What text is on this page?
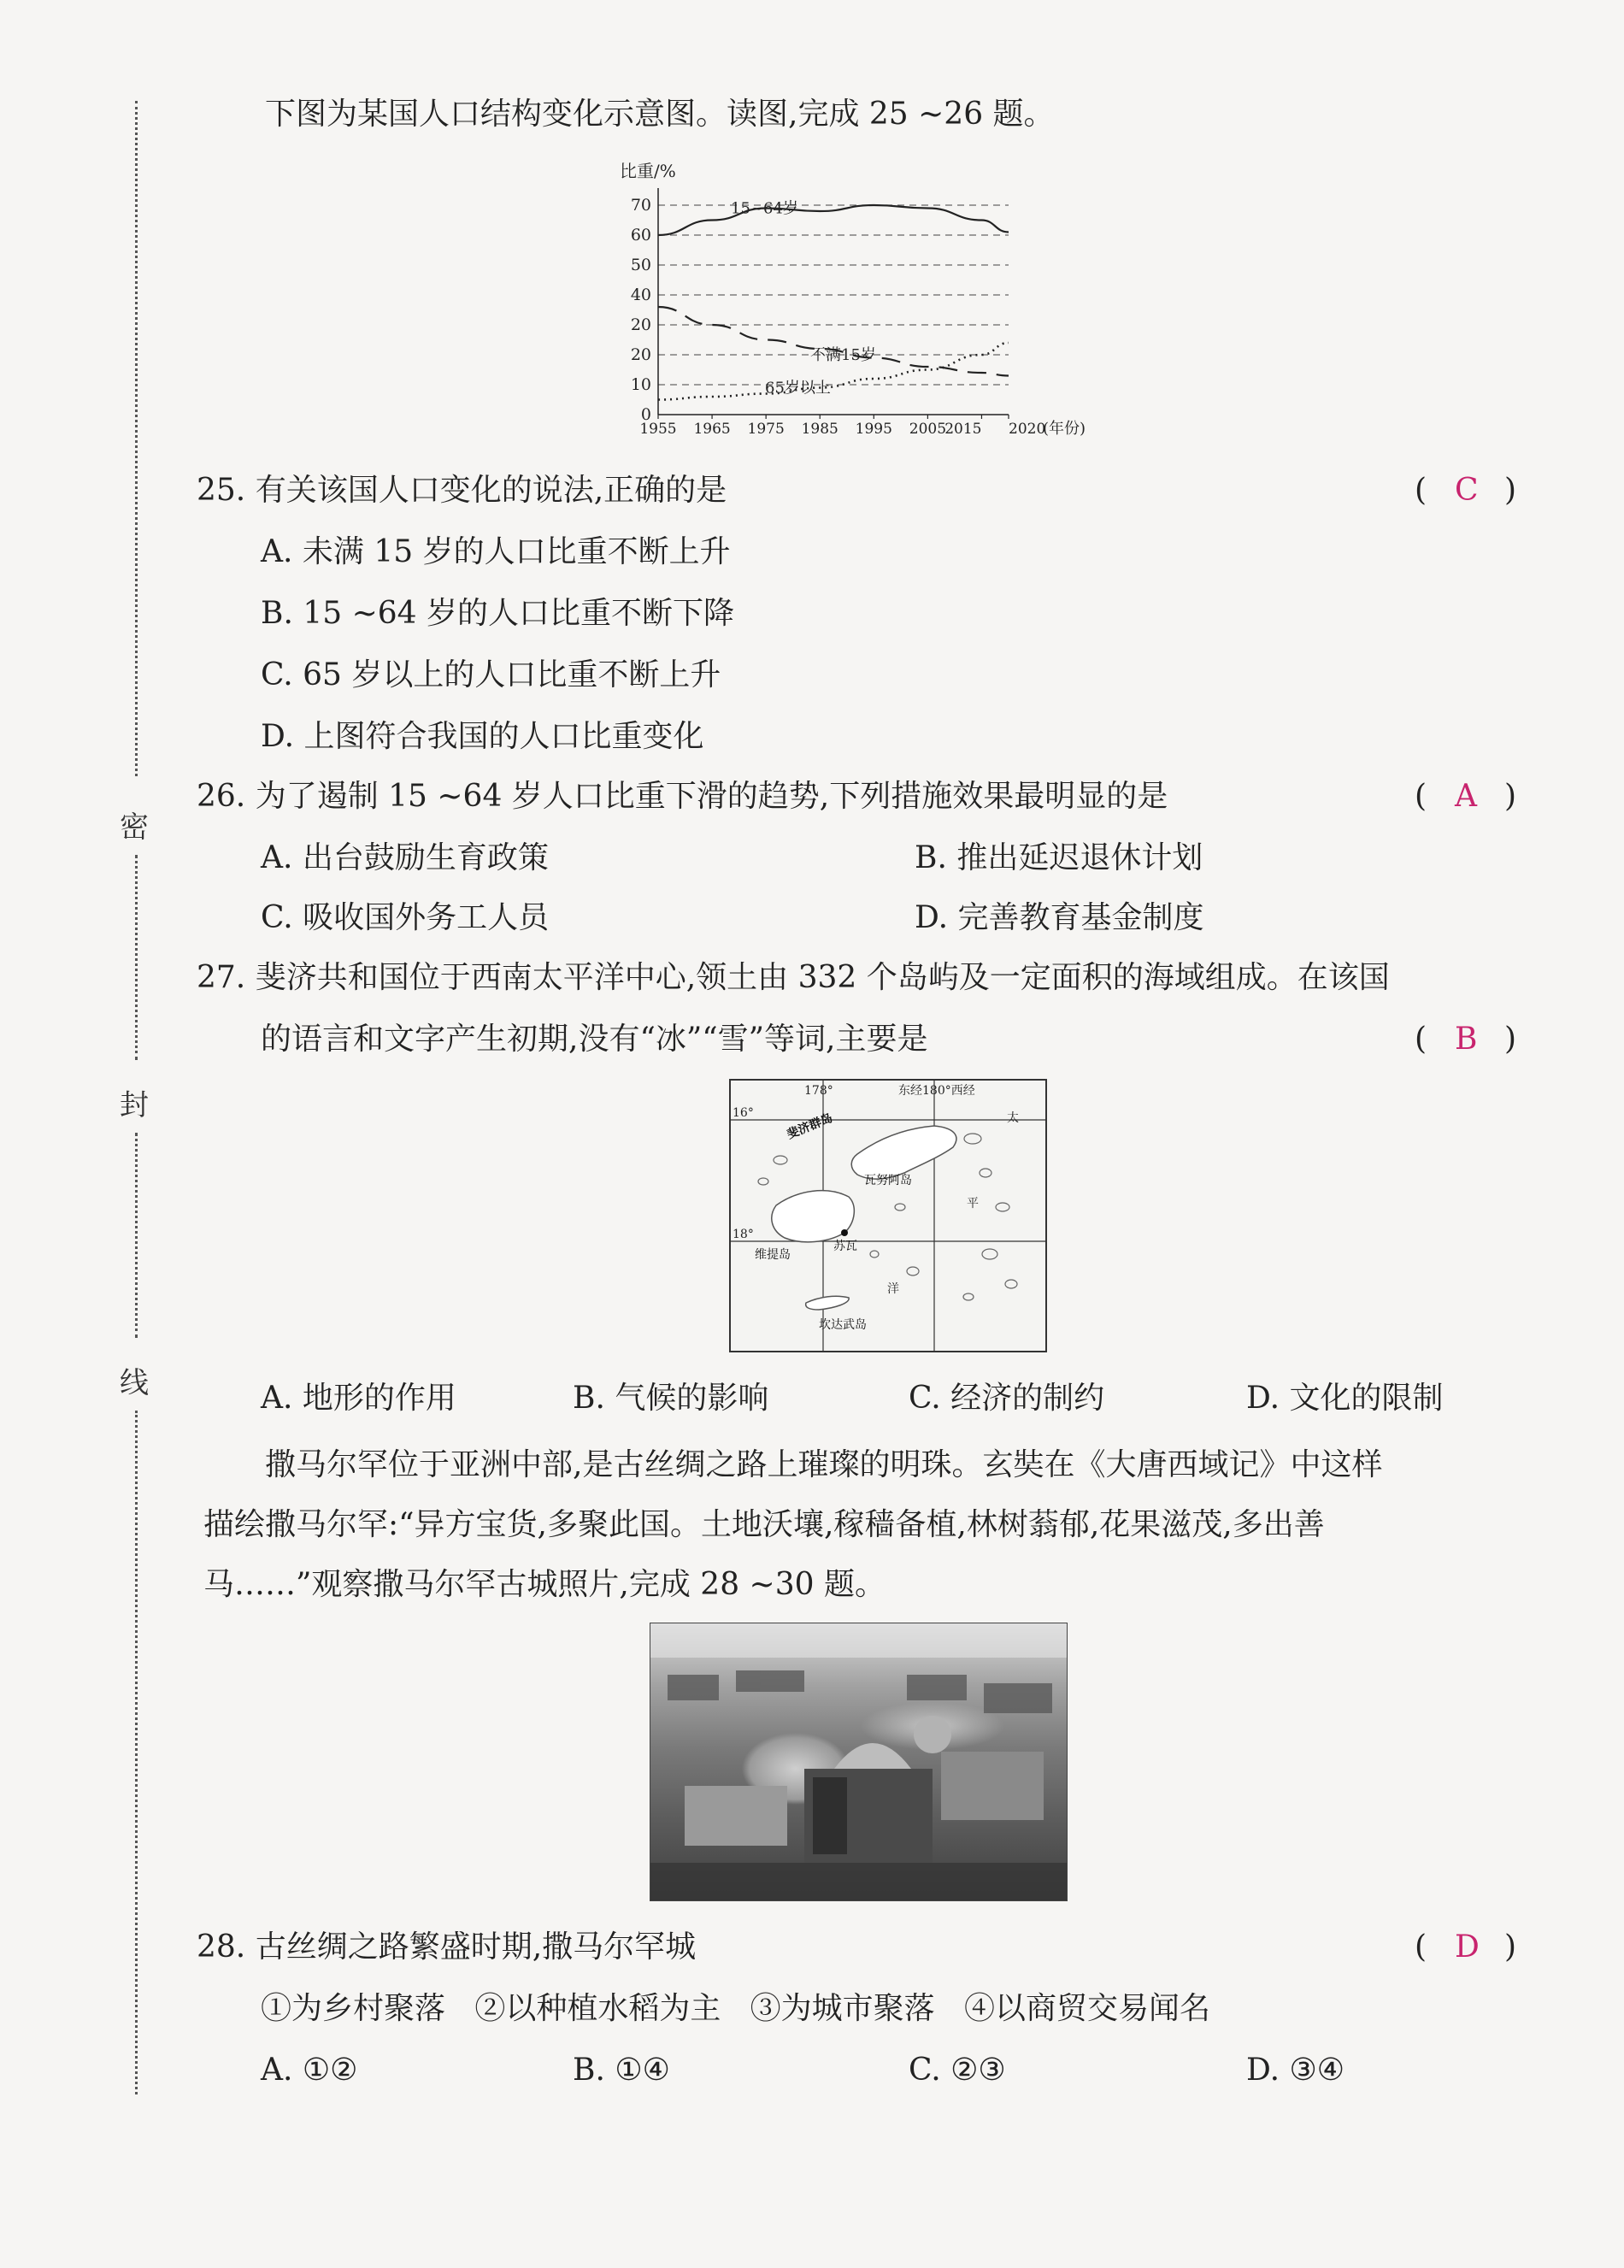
密
封
线
下图为某国人口结构变化示意图。读图,完成 25 ~26 题。
比重/%
0
10
20
20
40
50
60
70
1955 1965 1975 1985 1995 2005
2015 2020
15~64岁
不满15岁
65岁以上
(年份)
25. 有关该国人口变化的说法,正确的是	( C )
A. 未满 15 岁的人口比重不断上升
B. 15 ~64 岁的人口比重不断下降
C. 65 岁以上的人口比重不断上升
D. 上图符合我国的人口比重变化
26. 为了遏制 15 ~64 岁人口比重下滑的趋势,下列措施效果最明显的是	( A )
A. 出台鼓励生育政策	B. 推出延迟退休计划
C. 吸收国外务工人员	D. 完善教育基金制度
27. 斐济共和国位于西南太平洋中心,领土由 332 个岛屿及一定面积的海域组成。在该国
的语言和文字产生初期,没有“冰”“雪”等词,主要是	( B )
178°	东经180°西经
16°
18°
斐济群岛
瓦努阿岛
维提岛
苏瓦
坎达武岛
太
平
洋
A. 地形的作用	B. 气候的影响	C. 经济的制约	D. 文化的限制
撒马尔罕位于亚洲中部,是古丝绸之路上璀璨的明珠。玄奘在《大唐西域记》中这样
描绘撒马尔罕:“异方宝货,多聚此国。土地沃壤,稼穑备植,林树蓊郁,花果滋茂,多出善
马……”观察撒马尔罕古城照片,完成 28 ~30 题。
28. 古丝绸之路繁盛时期,撒马尔罕城	( D )
①为乡村聚落   ②以种植水稻为主   ③为城市聚落   ④以商贸交易闻名
A. ①②	B. ①④	C. ②③	D. ③④
